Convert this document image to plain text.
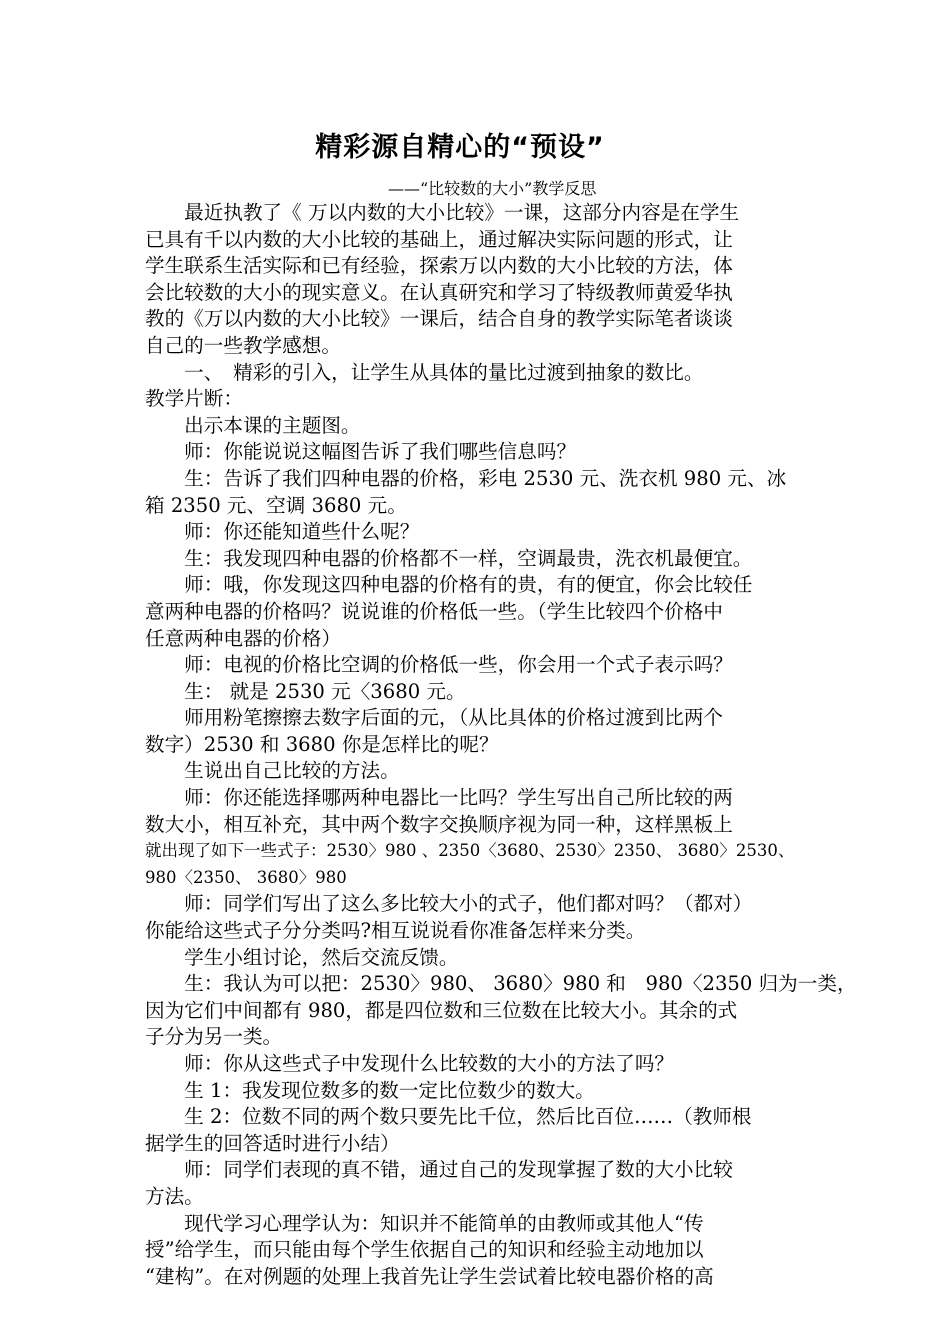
精彩源自精心的“预设”
——“比较数的大小”教学反思
　　最近执教了《 万以内数的大小比较》一课，这部分内容是在学生
已具有千以内数的大小比较的基础上，通过解决实际问题的形式，让
学生联系生活实际和已有经验，探索万以内数的大小比较的方法，体
会比较数的大小的现实意义。在认真研究和学习了特级教师黄爱华执
教的《万以内数的大小比较》一课后，结合自身的教学实际笔者谈谈
自己的一些教学感想。
　　一、　精彩的引入，让学生从具体的量比过渡到抽象的数比。
教学片断：
　　出示本课的主题图。
　　师：你能说说这幅图告诉了我们哪些信息吗？
　　生：告诉了我们四种电器的价格，彩电 2530 元、洗衣机 980 元、冰
箱 2350 元、空调 3680 元。
　　师：你还能知道些什么呢？
　　生：我发现四种电器的价格都不一样，空调最贵，洗衣机最便宜。
　　师：哦，你发现这四种电器的价格有的贵，有的便宜，你会比较任
意两种电器的价格吗？说说谁的价格低一些。（学生比较四个价格中
任意两种电器的价格）
　　师：电视的价格比空调的价格低一些，你会用一个式子表示吗？
　　生： 就是 2530 元〈3680 元。
　　师用粉笔擦擦去数字后面的元，（从比具体的价格过渡到比两个
数字）2530 和 3680 你是怎样比的呢？
　　生说出自己比较的方法。
　　师：你还能选择哪两种电器比一比吗？学生写出自己所比较的两
数大小，相互补充，其中两个数字交换顺序视为同一种，这样黑板上
就出现了如下一些式子：2530〉980 、2350〈3680、2530〉2350、 3680〉2530、
980〈2350、 3680〉980
　　师：同学们写出了这么多比较大小的式子，他们都对吗？（都对）
你能给这些式子分分类吗?相互说说看你准备怎样来分类。
　　学生小组讨论，然后交流反馈。
　　生：我认为可以把：2530〉980、 3680〉980 和　980〈2350 归为一类，
因为它们中间都有 980，都是四位数和三位数在比较大小。其余的式
子分为另一类。
　　师：你从这些式子中发现什么比较数的大小的方法了吗？
　　生 1：我发现位数多的数一定比位数少的数大。
　　生 2：位数不同的两个数只要先比千位，然后比百位……（教师根
据学生的回答适时进行小结）
　　师：同学们表现的真不错，通过自己的发现掌握了数的大小比较
方法。
　　现代学习心理学认为：知识并不能简单的由教师或其他人“传
授”给学生，而只能由每个学生依据自己的知识和经验主动地加以
“建构”。在对例题的处理上我首先让学生尝试着比较电器价格的高
